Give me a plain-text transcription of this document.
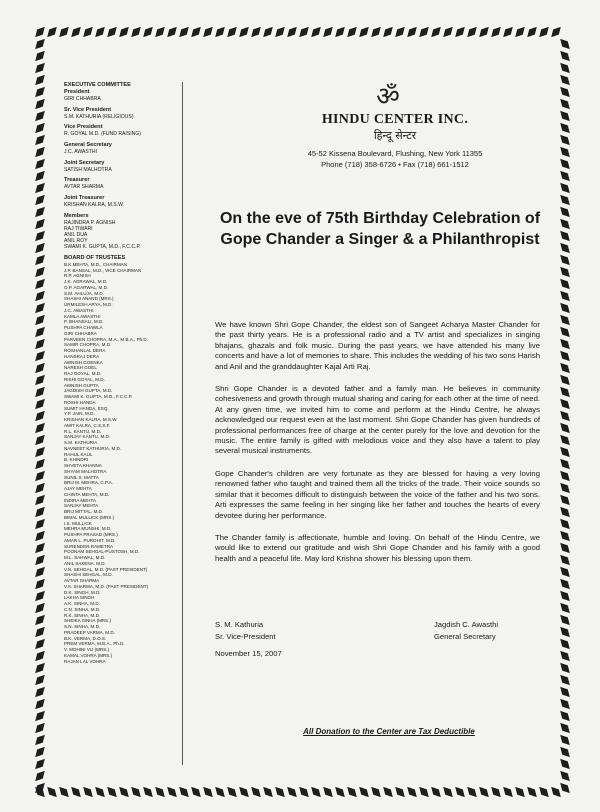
EXECUTIVE COMMITTEE
President
GIRI CHHABRA
Sr. Vice President
S.M. KATHURIA (RELIGIOUS)
Vice President
R. GOYAL M.D. (FUND RAISING)
General Secretary
J.C. AWASTHI
Joint Secretary
SATISH MALHOTRA
Treasurer
AVTAR SHARMA
Joint Treasurer
KRISHAN KALRA, M.S.W.
Members
RAJINDRA P. AGNISH
RAJ TIWARI
ANIL DUA
ANIL ROY
SWAMI K. GUPTA, M.D., F.C.C.P.
BOARD OF TRUSTEES
B.K.MEHTA, M.D., CHAIRMAN
J.P. BANSAL, M.D., VICE CHAIRMAN
R.P. AGNISH
J.K. AGRAWAL, M.D.
O.P. AGARWAL, M.D.
S.M. AHLUJA, M.D.
SHASHI ANAND (MRS.)
URMILESH ARYA, M.D.
J.C. AWASTHI
KAMLA AWASTHI
P. BHANSALI, M.D.
PUSHPA CHAWLA
GIRI CHHABRA
PARVEEN CHOPRA, M.A., M.B.A., Ph.D.
SAMIR CHOPRA, M.D.
ROSHANLAL DERA
HANSRAJ DERA
AWNISH GOENKA
NARESH GOEL
RAJ GOYAL, M.D.
RISHI GOYAL, M.D.
AWNISH GUPTA
JAGDISH GUPTA, M.D.
SWAMI K. GUPTA, M.D., F.C.C.P.
ROSHI HANDA
SUMIT HANDA, ESQ.
Y.P. JAIN, M.D.
KRISHAN KALRA, M.S.W.
AMIT KALRA, C.S.S.F.
R.L. KANTU, M.D.
SANJAY KANTU, M.D.
S.M. KATHURIA
NAVNEET KATHURIA, M.D.
RAHUL KAUL
B. KHINDRI
SHVETA KHANNA
SHYAM MALHOTRA
SUNIL S. MATTA
BRIJ M. MEHRA, C.P.A.
AJAY MEHTA
CHINTA MEHTA, M.D.
INDIRA MEHTA
SANJAY MEHTA
BRIJ MITTAL, M.D.
BIMAL MULLICK (MRS.)
I.S. MULLICK
MEHRA MUNSHI, M.D.
PUSHPA PRASAD (MRS.)
AMAR L. PUROHIT, M.D.
SURENDER RAMETRA
POONAM SEHGAL-PUSTOSH, M.D.
M.L. SAHWAL, M.D.
ANIL SAXENA, M.D.
V.N. SEHGAL, M.D. (PAST PRESIDENT)
SHASHI SEHGAL, M.D.
AVTAR SHARMA
V.S. SHARMA, M.D. (PAST PRESIDENT)
D.K. SINGH, M.D.
LAKHA SINGH
A.K. SINHA, M.D.
C.N. SINHA, M.D.
R.K. SINHA, M.D.
SHEIKA SINHA (MRS.)
S.N. SINHA, M.D.
PRADEEP VARMA, M.D.
B.K. VERMA, D.O.S.
PREM VERMA, M.B.A., Ph.D.
V. MOHINI VIJ (MRS.)
KAMAL VOHRA (MRS.)
RAJAN LAL VOHRA
ॐ
HINDU CENTER INC.
हिन्दू सेन्टर
45-52 Kissena Boulevard, Flushing, New York 11355
Phone (718) 358-6726 • Fax (718) 661-1512
On the eve of 75th Birthday Celebration of Gope Chander a Singer & a Philanthropist

We have known Shri Gope Chander, the eldest son of Sangeet Acharya Master Chander for the past thirty years. He is a professional radio and a TV artist and specializes in singing bhajans, ghazals and folk music. During the past years, we have attended his many live concerts and have a lot of memories to share. This includes the wedding of his two sons Harish and Anil and the granddaughter Kajal Arti Raj.

Shri Gope Chander is a devoted father and a family man. He believes in community cohesiveness and growth through mutual sharing and caring for each other at the time of need. At any given time, we invited him to come and perform at the Hindu Centre, he always acknowledged our request even at the last moment. Shri Gope Chander has given hundreds of professional performances free of charge at the center purely for the love and devotion for the music. The entire family is gifted with melodious voice and they also have a talent to play several musical instruments.

Gope Chander's children are very fortunate as they are blessed for having a very loving renowned father who taught and trained them all the tricks of the trade. Their voice sounds so similar that it becomes difficult to distinguish between the voice of the father and his two sons. Arti expresses the same feeling in her singing like her father and touches the hearts of every devotee during her performance.

The Chander family is affectionate, humble and loving. On behalf of the Hindu Centre, we would like to extend our gratitude and wish Shri Gope Chander and his family with a good health and a peaceful life. May lord Krishna shower his blessing upon them.

S. M. Kathuria
Sr. Vice-President
Jagdish C. Awasthi
General Secretary
November 15, 2007
All Donation to the Center are Tax Deductible
